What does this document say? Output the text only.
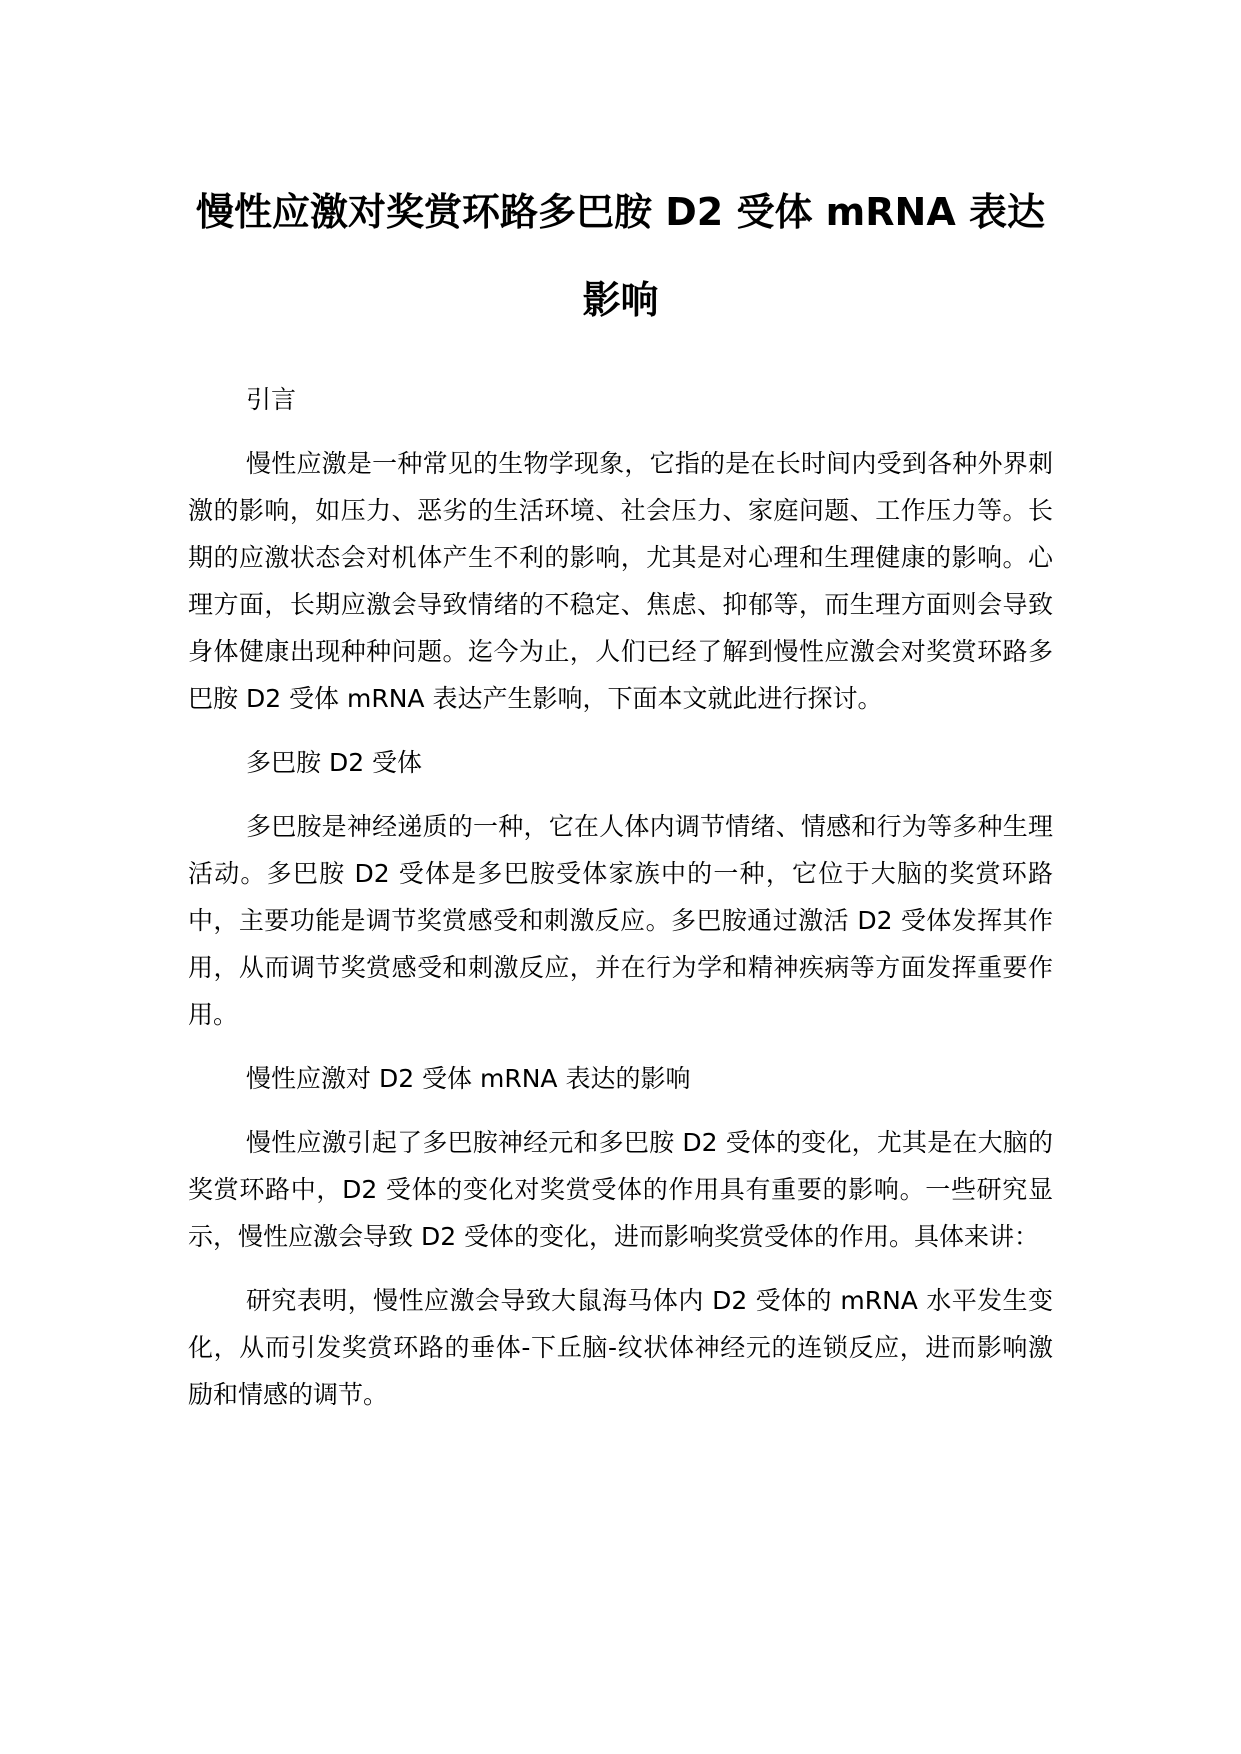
慢性应激对奖赏环路多巴胺 D2 受体 mRNA 表达影响
引言

慢性应激是一种常见的生物学现象，它指的是在长时间内受到各种外界刺激的影响，如压力、恶劣的生活环境、社会压力、家庭问题、工作压力等。长期的应激状态会对机体产生不利的影响，尤其是对心理和生理健康的影响。心理方面，长期应激会导致情绪的不稳定、焦虑、抑郁等，而生理方面则会导致身体健康出现种种问题。迄今为止，人们已经了解到慢性应激会对奖赏环路多巴胺 D2 受体 mRNA 表达产生影响，下面本文就此进行探讨。

多巴胺 D2 受体

多巴胺是神经递质的一种，它在人体内调节情绪、情感和行为等多种生理活动。多巴胺 D2 受体是多巴胺受体家族中的一种，它位于大脑的奖赏环路中，主要功能是调节奖赏感受和刺激反应。多巴胺通过激活 D2 受体发挥其作用，从而调节奖赏感受和刺激反应，并在行为学和精神疾病等方面发挥重要作用。

慢性应激对 D2 受体 mRNA 表达的影响

慢性应激引起了多巴胺神经元和多巴胺 D2 受体的变化，尤其是在大脑的奖赏环路中，D2 受体的变化对奖赏受体的作用具有重要的影响。一些研究显示，慢性应激会导致 D2 受体的变化，进而影响奖赏受体的作用。具体来讲：

研究表明，慢性应激会导致大鼠海马体内 D2 受体的 mRNA 水平发生变化，从而引发奖赏环路的垂体-下丘脑-纹状体神经元的连锁反应，进而影响激励和情感的调节。
